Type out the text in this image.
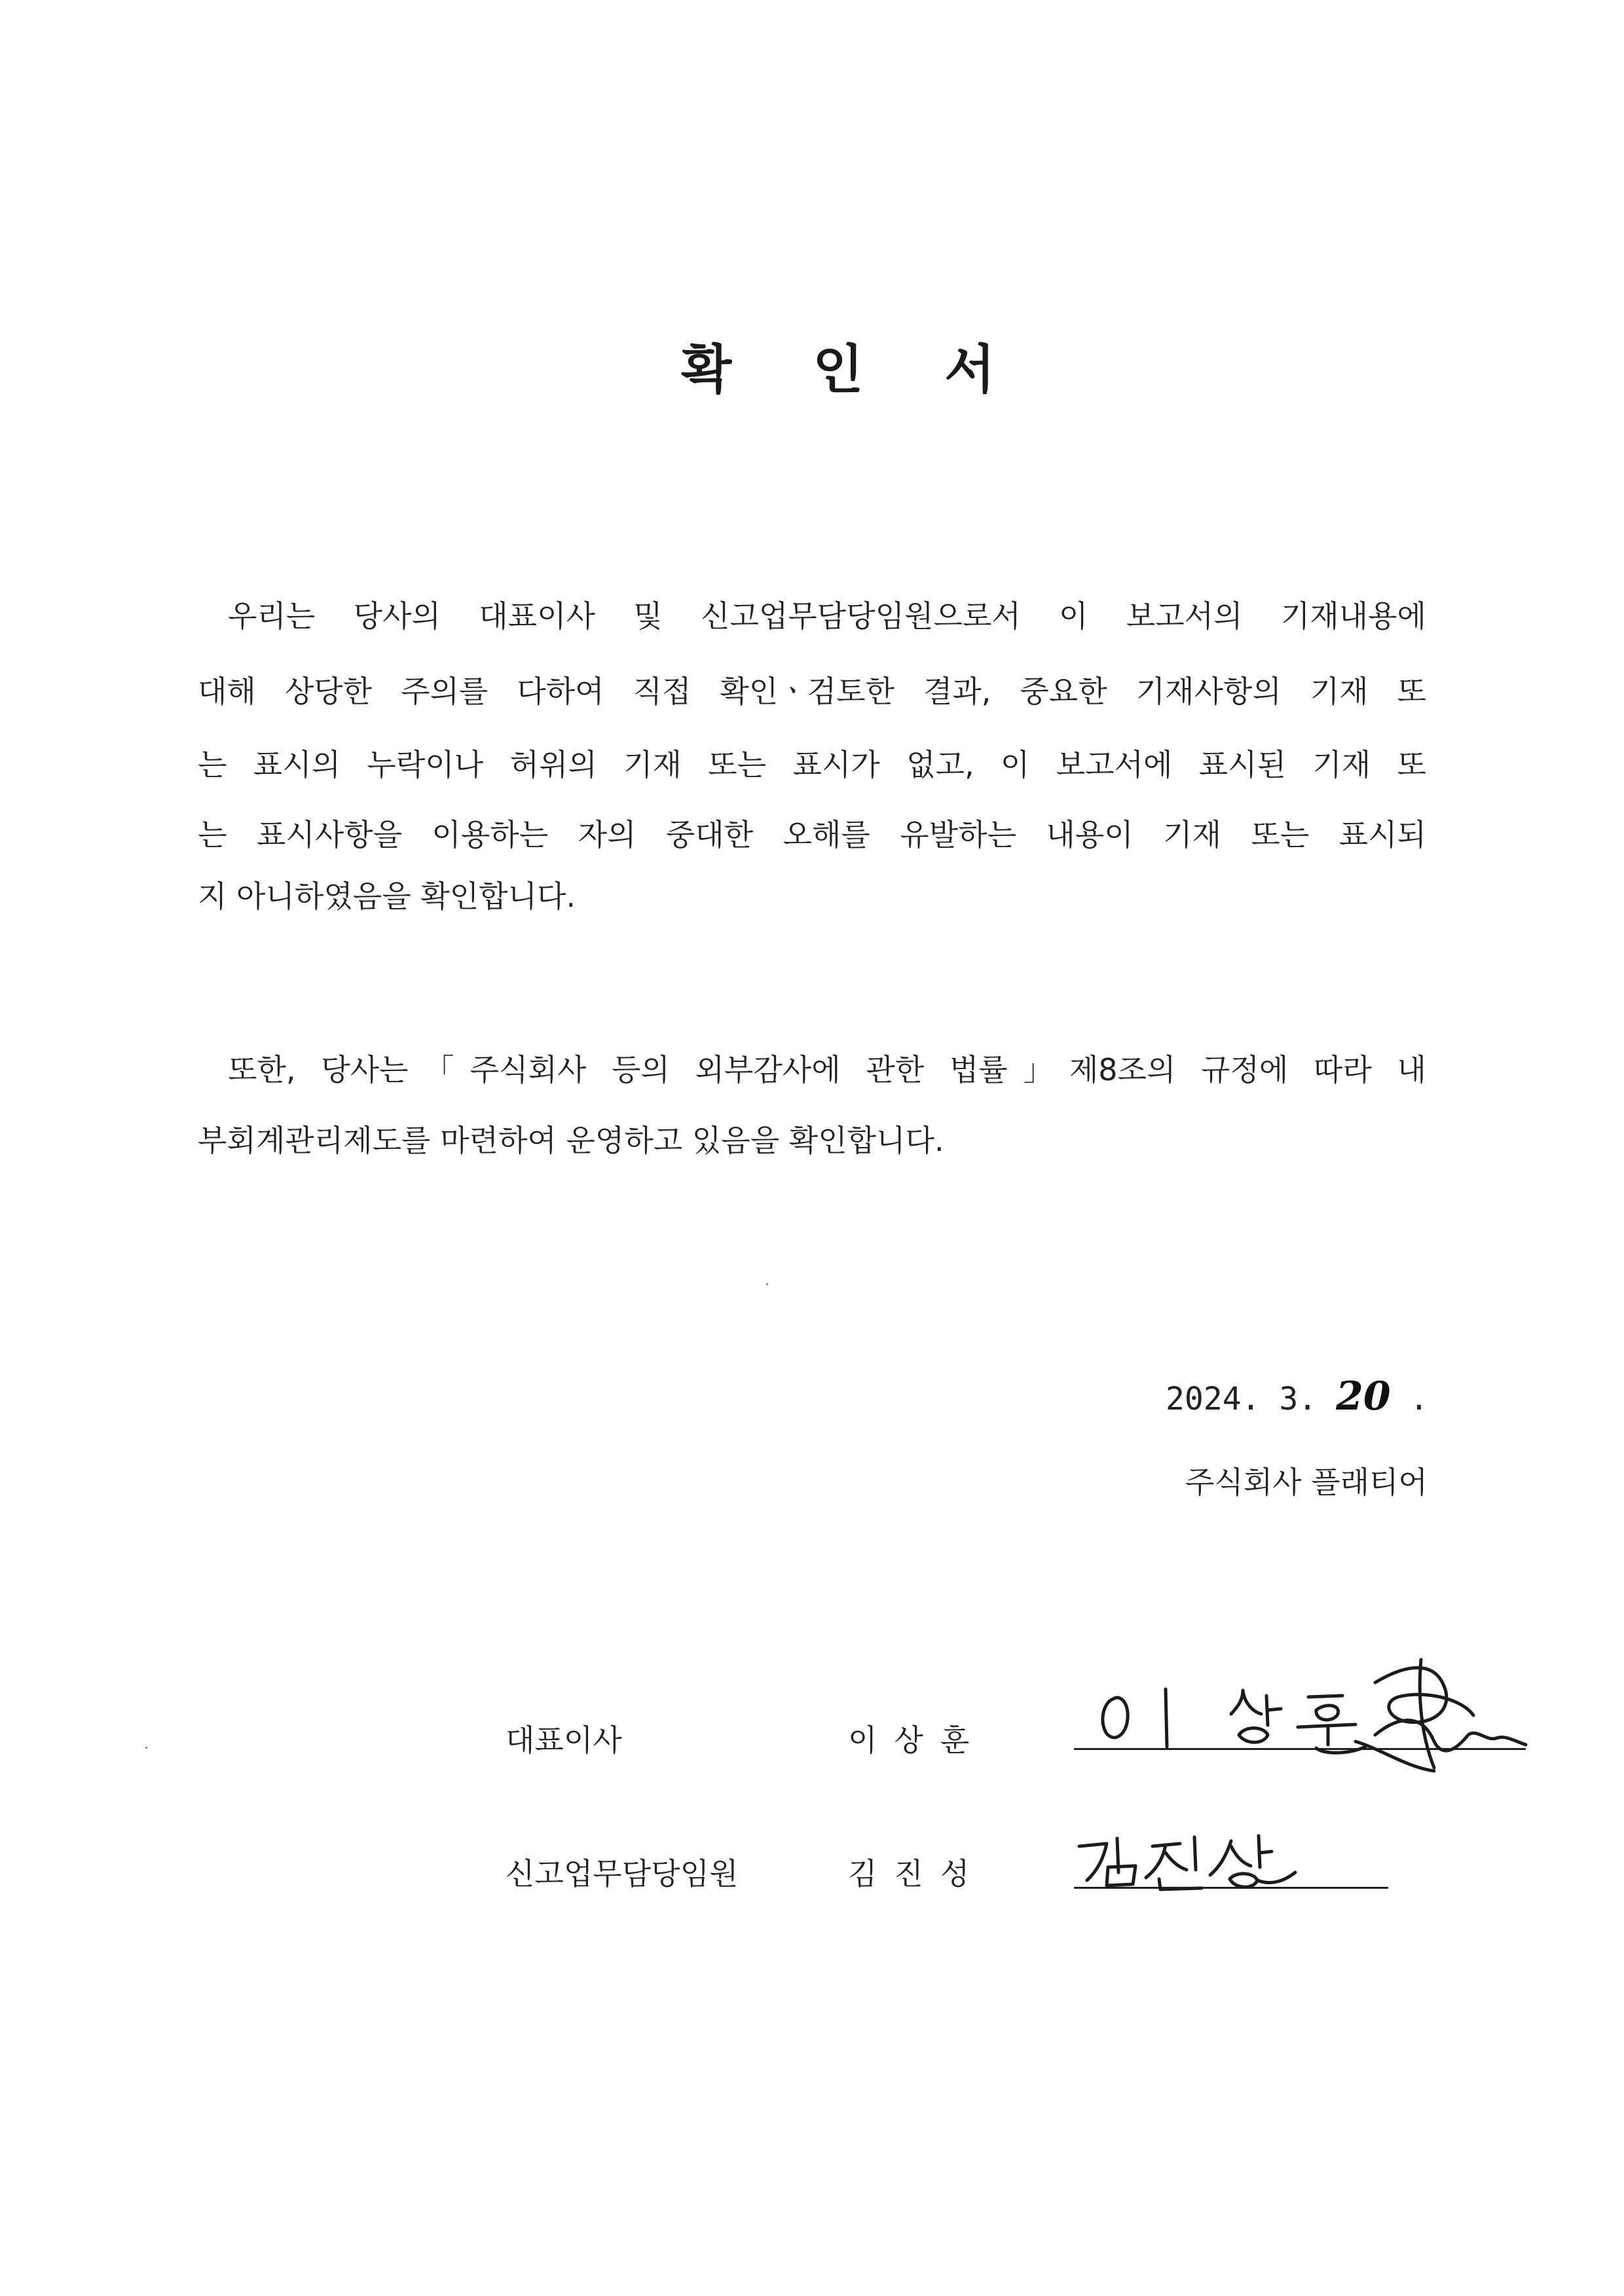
확 인 서
우리는 당사의 대표이사 및 신고업무담당임원으로서 이 보고서의 기재내용에
대해 상당한 주의를 다하여 직접 확인ㆍ검토한 결과, 중요한 기재사항의 기재 또
는 표시의 누락이나 허위의 기재 또는 표시가 없고, 이 보고서에 표시된 기재 또
는 표시사항을 이용하는 자의 중대한 오해를 유발하는 내용이 기재 또는 표시되
지 아니하였음을 확인합니다.
또한, 당사는「주식회사 등의 외부감사에 관한 법률」제8조의 규정에 따라 내
부회계관리제도를 마련하여 운영하고 있음을 확인합니다.
2024. 3. 20 .
주식회사 플래티어
대표이사	이상훈
신고업무담당임원	김진성
